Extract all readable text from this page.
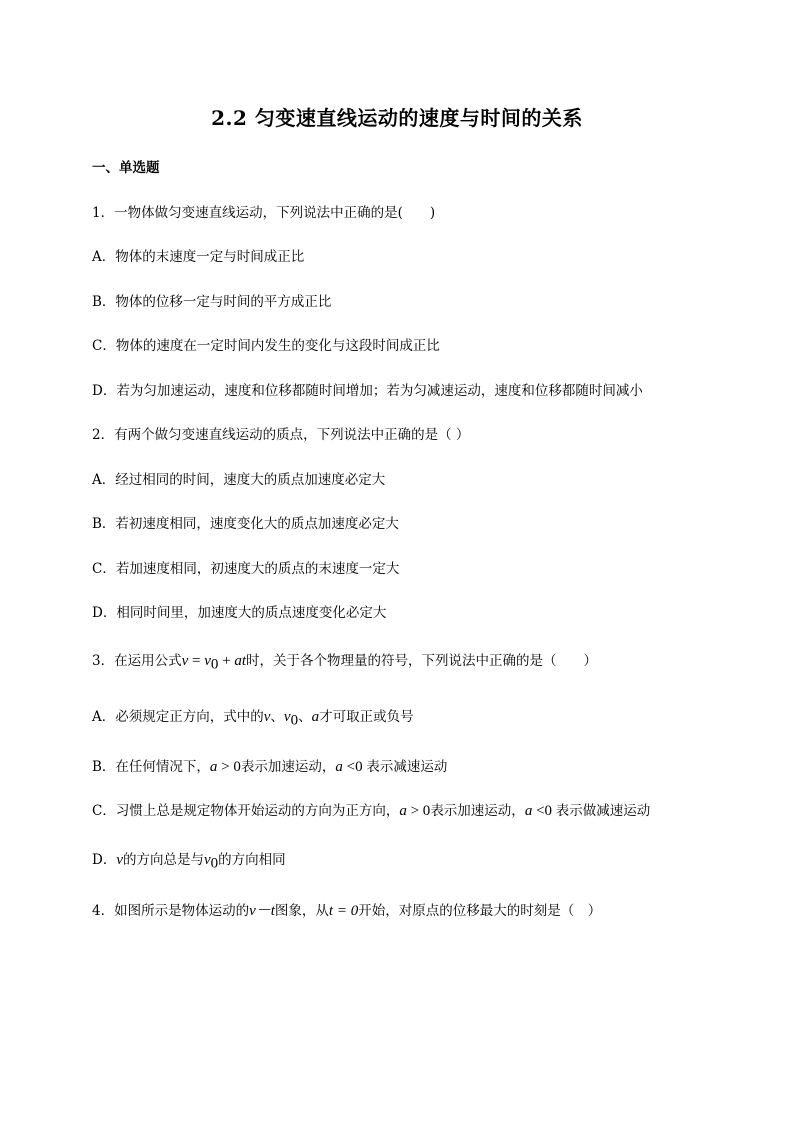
2.2 匀变速直线运动的速度与时间的关系
一、单选题
1．一物体做匀变速直线运动，下列说法中正确的是(　　)
A．物体的末速度一定与时间成正比
B．物体的位移一定与时间的平方成正比
C．物体的速度在一定时间内发生的变化与这段时间成正比
D．若为匀加速运动，速度和位移都随时间增加；若为匀减速运动，速度和位移都随时间减小
2．有两个做匀变速直线运动的质点，下列说法中正确的是（ ）
A．经过相同的时间，速度大的质点加速度必定大
B．若初速度相同，速度变化大的质点加速度必定大
C．若加速度相同，初速度大的质点的末速度一定大
D．相同时间里，加速度大的质点速度变化必定大
3．在运用公式$v = v_0$ + at时，关于各个物理量的符号，下列说法中正确的是（　　）
A．必须规定正方向，式中的v、$v_0$、a才可取正或负号
B．在任何情况下，a > 0表示加速运动，a <0 表示减速运动
C．习惯上总是规定物体开始运动的方向为正方向，a > 0表示加速运动，a <0 表示做减速运动
D．v的方向总是与$v_0$的方向相同
4．如图所示是物体运动的v－t图象，从t = 0开始，对原点的位移最大的时刻是（　）
